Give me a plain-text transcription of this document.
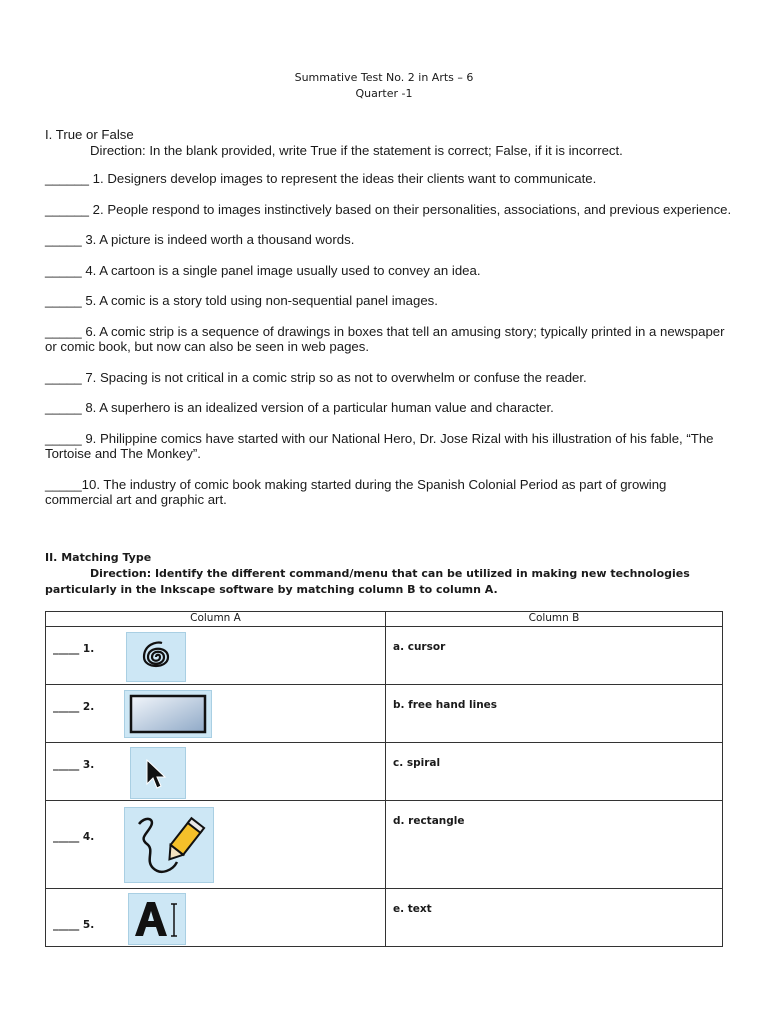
Summative Test No. 2 in Arts – 6
Quarter -1

I. True or False

Direction: In the blank provided, write True if the statement is correct; False, if it is incorrect.

______ 1. Designers develop images to represent the ideas their clients want to communicate.

______ 2. People respond to images instinctively based on their personalities, associations, and previous experience.

_____ 3. A picture is indeed worth a thousand words.

_____ 4. A cartoon is a single panel image usually used to convey an idea.

_____ 5. A comic is a story told using non-sequential panel images.

_____ 6. A comic strip is a sequence of drawings in boxes that tell an amusing story; typically printed in a newspaper or comic book, but now can also be seen in web pages.

_____ 7. Spacing is not critical in a comic strip so as not to overwhelm or confuse the reader.

_____ 8. A superhero is an idealized version of a particular human value and character.

_____ 9. Philippine comics have started with our National Hero, Dr. Jose Rizal with his illustration of his fable, “The Tortoise and The Monkey”.

_____10. The industry of comic book making started during the Spanish Colonial Period as part of growing commercial art and graphic art.

II. Matching Type

Direction: Identify the different command/menu that can be utilized in making new technologies particularly in the Inkscape software by matching column B to column A.

Column A	Column B

_____ 1.	a. cursor

_____ 2.	b. free hand lines

_____ 3.	c. spiral

_____ 4.	d. rectangle

_____ 5.	e. text
